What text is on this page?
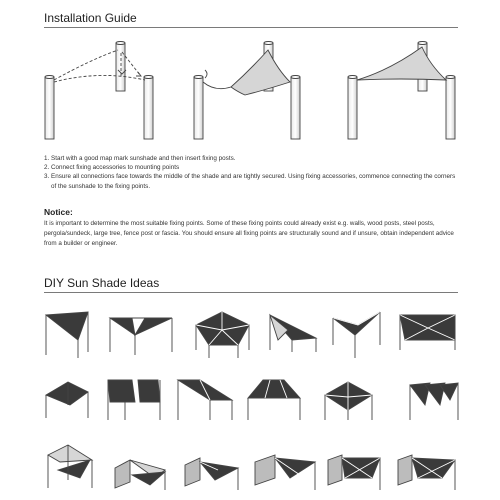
Installation Guide
1. Start with a good map mark sunshade and then insert fixing posts.
2. Connect fixing accessories to mounting points
3. Ensure all connections face towards the middle of the shade and are tightly secured. Using fixing accessories, commence connecting the corners of the sunshade to the fixing points.
Notice:
It is important to determine the most suitable fixing points. Some of these fixing points could already exist e.g. walls, wood posts, steel posts, pergola/sundeck, large tree, fence post or fascia. You should ensure all fixing points are structurally sound and if unsure, obtain independent advice from a builder or engineer.
DIY Sun Shade Ideas
